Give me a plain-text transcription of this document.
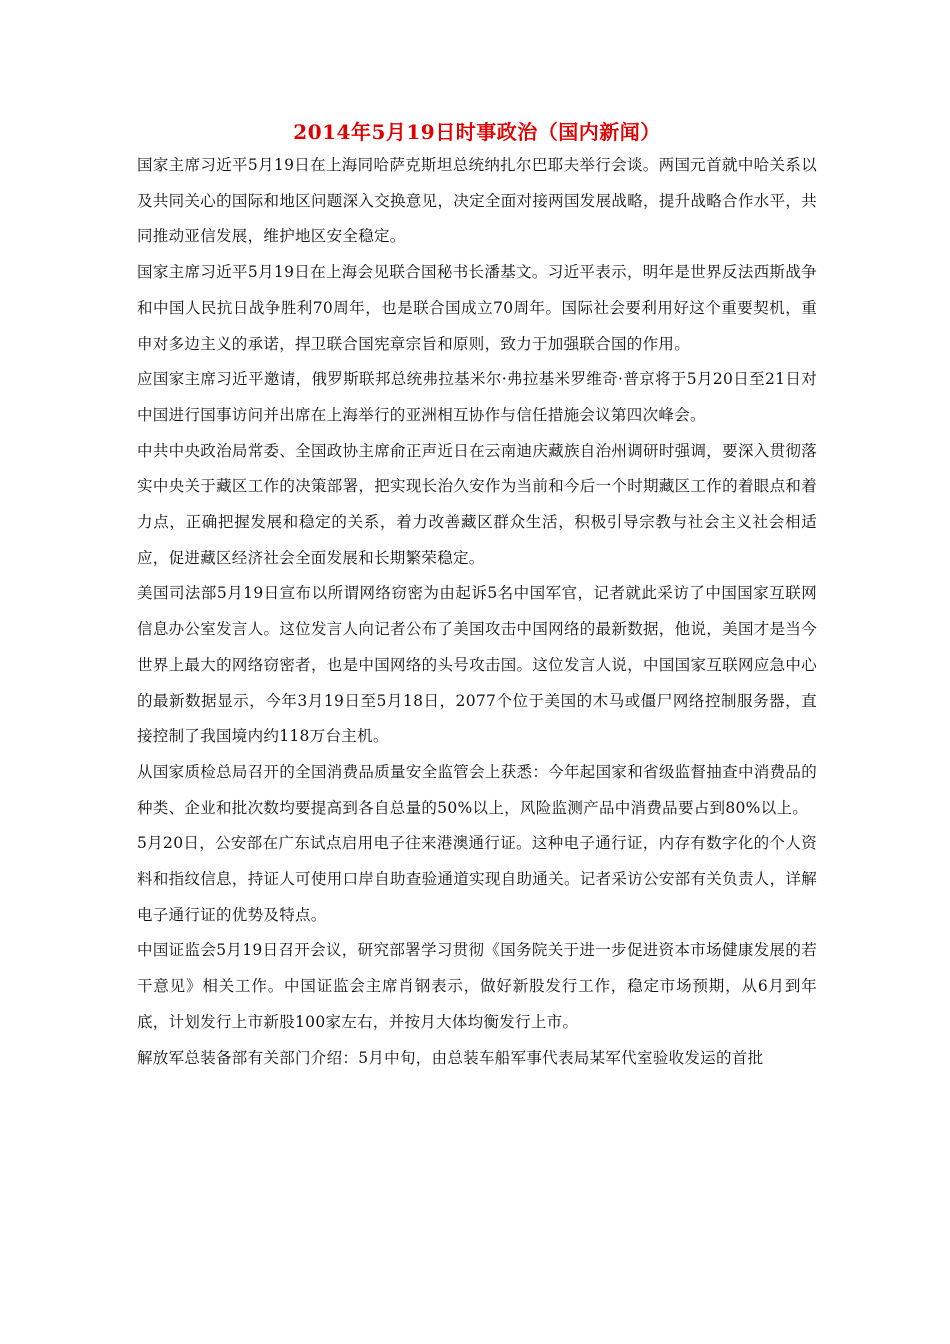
2014年5月19日时事政治（国内新闻）

国家主席习近平5月19日在上海同哈萨克斯坦总统纳扎尔巴耶夫举行会谈。两国元首就中哈关系以及共同关心的国际和地区问题深入交换意见，决定全面对接两国发展战略，提升战略合作水平，共同推动亚信发展，维护地区安全稳定。

国家主席习近平5月19日在上海会见联合国秘书长潘基文。习近平表示，明年是世界反法西斯战争和中国人民抗日战争胜利70周年，也是联合国成立70周年。国际社会要利用好这个重要契机，重申对多边主义的承诺，捍卫联合国宪章宗旨和原则，致力于加强联合国的作用。

应国家主席习近平邀请，俄罗斯联邦总统弗拉基米尔·弗拉基米罗维奇·普京将于5月20日至21日对中国进行国事访问并出席在上海举行的亚洲相互协作与信任措施会议第四次峰会。

中共中央政治局常委、全国政协主席俞正声近日在云南迪庆藏族自治州调研时强调，要深入贯彻落实中央关于藏区工作的决策部署，把实现长治久安作为当前和今后一个时期藏区工作的着眼点和着力点，正确把握发展和稳定的关系，着力改善藏区群众生活，积极引导宗教与社会主义社会相适应，促进藏区经济社会全面发展和长期繁荣稳定。

美国司法部5月19日宣布以所谓网络窃密为由起诉5名中国军官，记者就此采访了中国国家互联网信息办公室发言人。这位发言人向记者公布了美国攻击中国网络的最新数据，他说，美国才是当今世界上最大的网络窃密者，也是中国网络的头号攻击国。这位发言人说，中国国家互联网应急中心的最新数据显示，今年3月19日至5月18日，2077个位于美国的木马或僵尸网络控制服务器，直接控制了我国境内约118万台主机。

从国家质检总局召开的全国消费品质量安全监管会上获悉：今年起国家和省级监督抽查中消费品的种类、企业和批次数均要提高到各自总量的50%以上，风险监测产品中消费品要占到80%以上。

5月20日，公安部在广东试点启用电子往来港澳通行证。这种电子通行证，内存有数字化的个人资料和指纹信息，持证人可使用口岸自助查验通道实现自助通关。记者采访公安部有关负责人，详解电子通行证的优势及特点。

中国证监会5月19日召开会议，研究部署学习贯彻《国务院关于进一步促进资本市场健康发展的若干意见》相关工作。中国证监会主席肖钢表示，做好新股发行工作，稳定市场预期，从6月到年底，计划发行上市新股100家左右，并按月大体均衡发行上市。

解放军总装备部有关部门介绍：5月中旬，由总装车船军事代表局某军代室验收发运的首批
